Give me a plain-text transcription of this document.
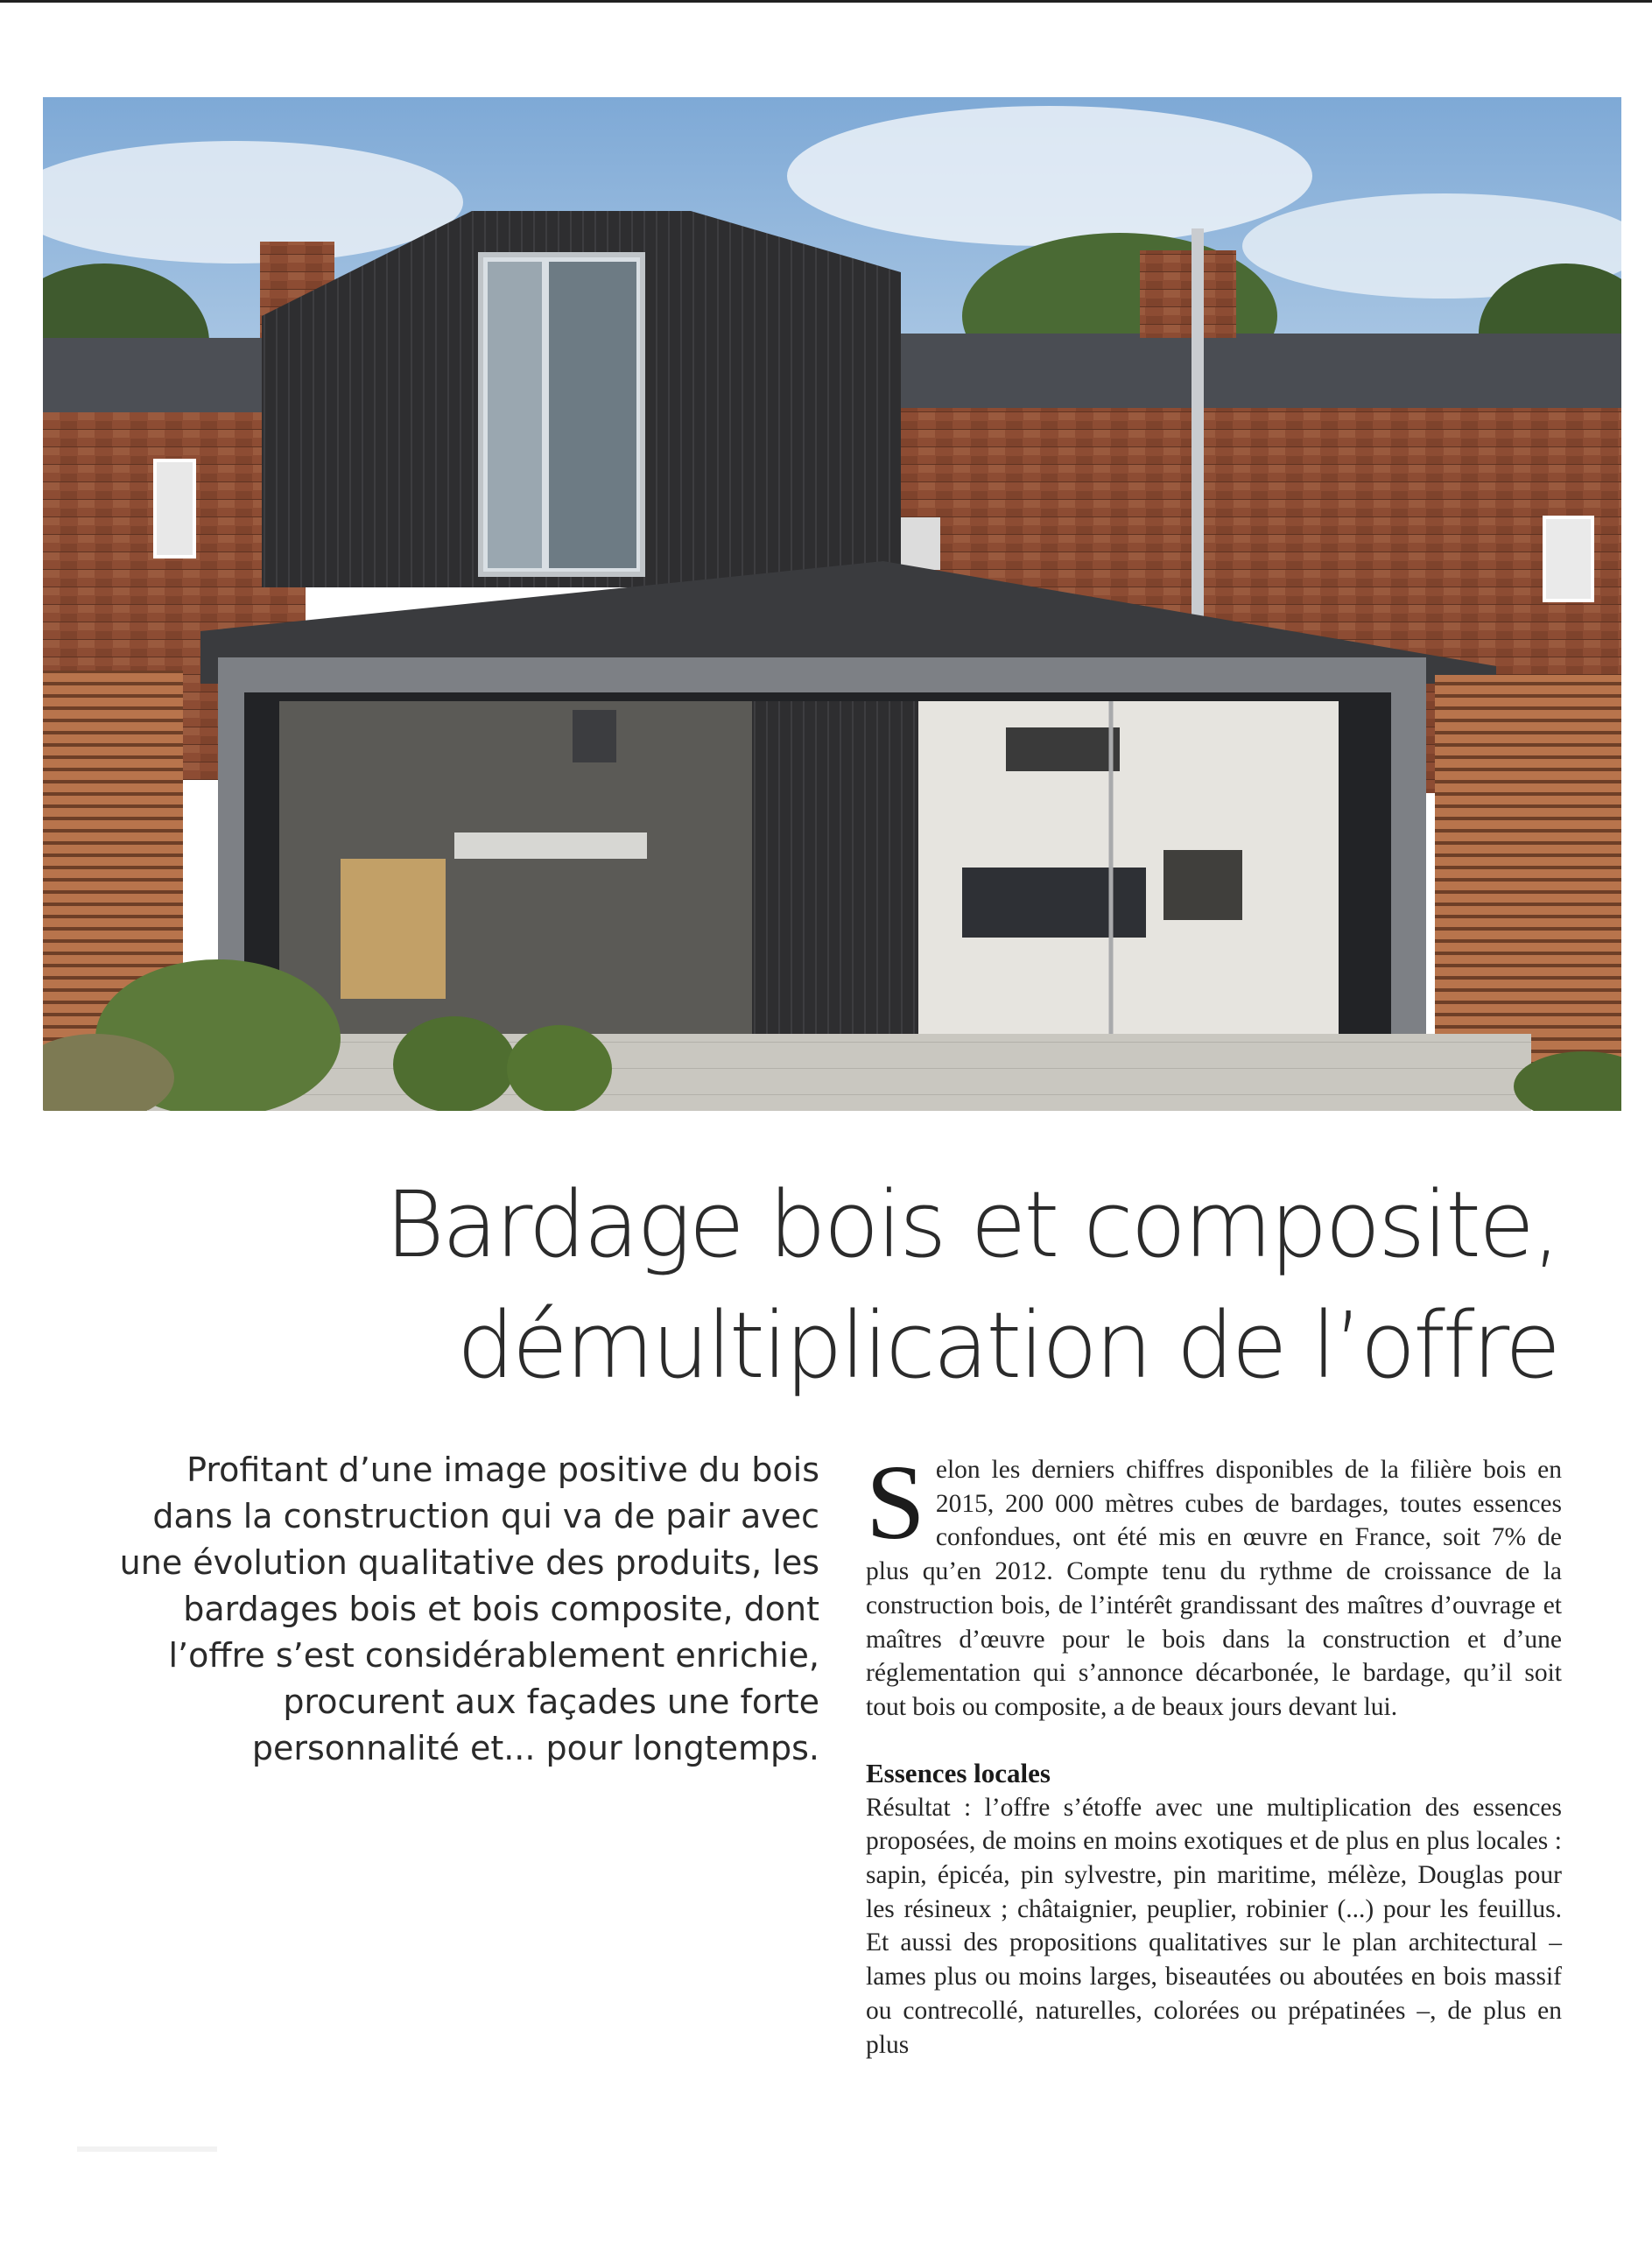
Bardage bois et composite,
démultiplication de l’offre
Profitant d’une image positive du bois dans la construction qui va de pair avec une évolution qualitative des produits, les bardages bois et bois composite, dont l’offre s’est considérablement enrichie, procurent aux façades une forte personnalité et... pour longtemps.
S elon les derniers chiffres disponibles de la filière bois en 2015, 200 000 mètres cubes de bardages, toutes essences confondues, ont été mis en œuvre en France, soit 7% de plus qu’en 2012. Compte tenu du rythme de croissance de la construction bois, de l’intérêt grandissant des maîtres d’ouvrage et maîtres d’œuvre pour le bois dans la construction et d’une réglementation qui s’annonce décarbonée, le bardage, qu’il soit tout bois ou composite, a de beaux jours devant lui.

Essences locales

Résultat : l’offre s’étoffe avec une multiplication des essences proposées, de moins en moins exotiques et de plus en plus locales : sapin, épicéa, pin sylvestre, pin maritime, mélèze, Douglas pour les résineux ; châtaignier, peuplier, robinier (...) pour les feuillus. Et aussi des propositions qualitatives sur le plan architectural – lames plus ou moins larges, biseautées ou aboutées en bois massif ou contrecollé, naturelles, colorées ou prépatinées –, de plus en plus
